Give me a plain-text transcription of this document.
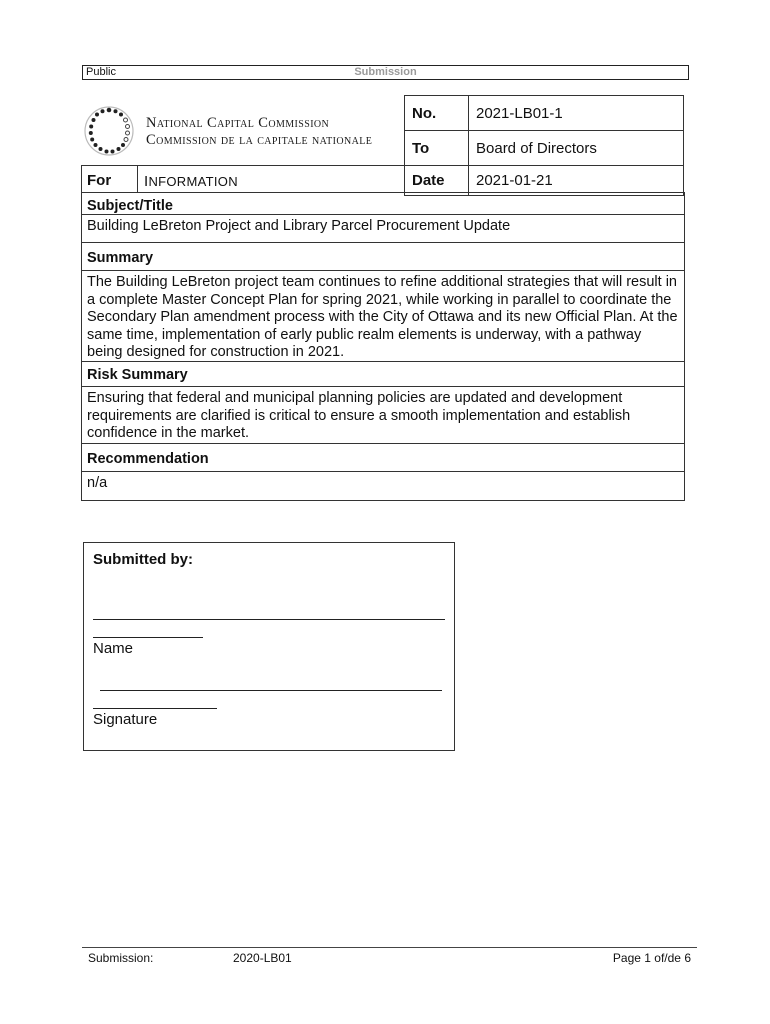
Public	Submission
National Capital Commission
Commission de la capitale nationale
No.	2021-LB01-1
To	Board of Directors
Date	2021-01-21
For INFORMATION
Subject/Title
Building LeBreton Project and Library Parcel Procurement Update
Summary
The Building LeBreton project team continues to refine additional strategies that will result in a complete Master Concept Plan for spring 2021, while working in parallel to coordinate the Secondary Plan amendment process with the City of Ottawa and its new Official Plan. At the same time, implementation of early public realm elements is underway, with a pathway being designed for construction in 2021.
Risk Summary
Ensuring that federal and municipal planning policies are updated and development requirements are clarified is critical to ensure a smooth implementation and establish confidence in the market.
Recommendation
n/a
Submitted by:
Name
Signature
Submission:	2020-LB01	Page 1 of/de 6
